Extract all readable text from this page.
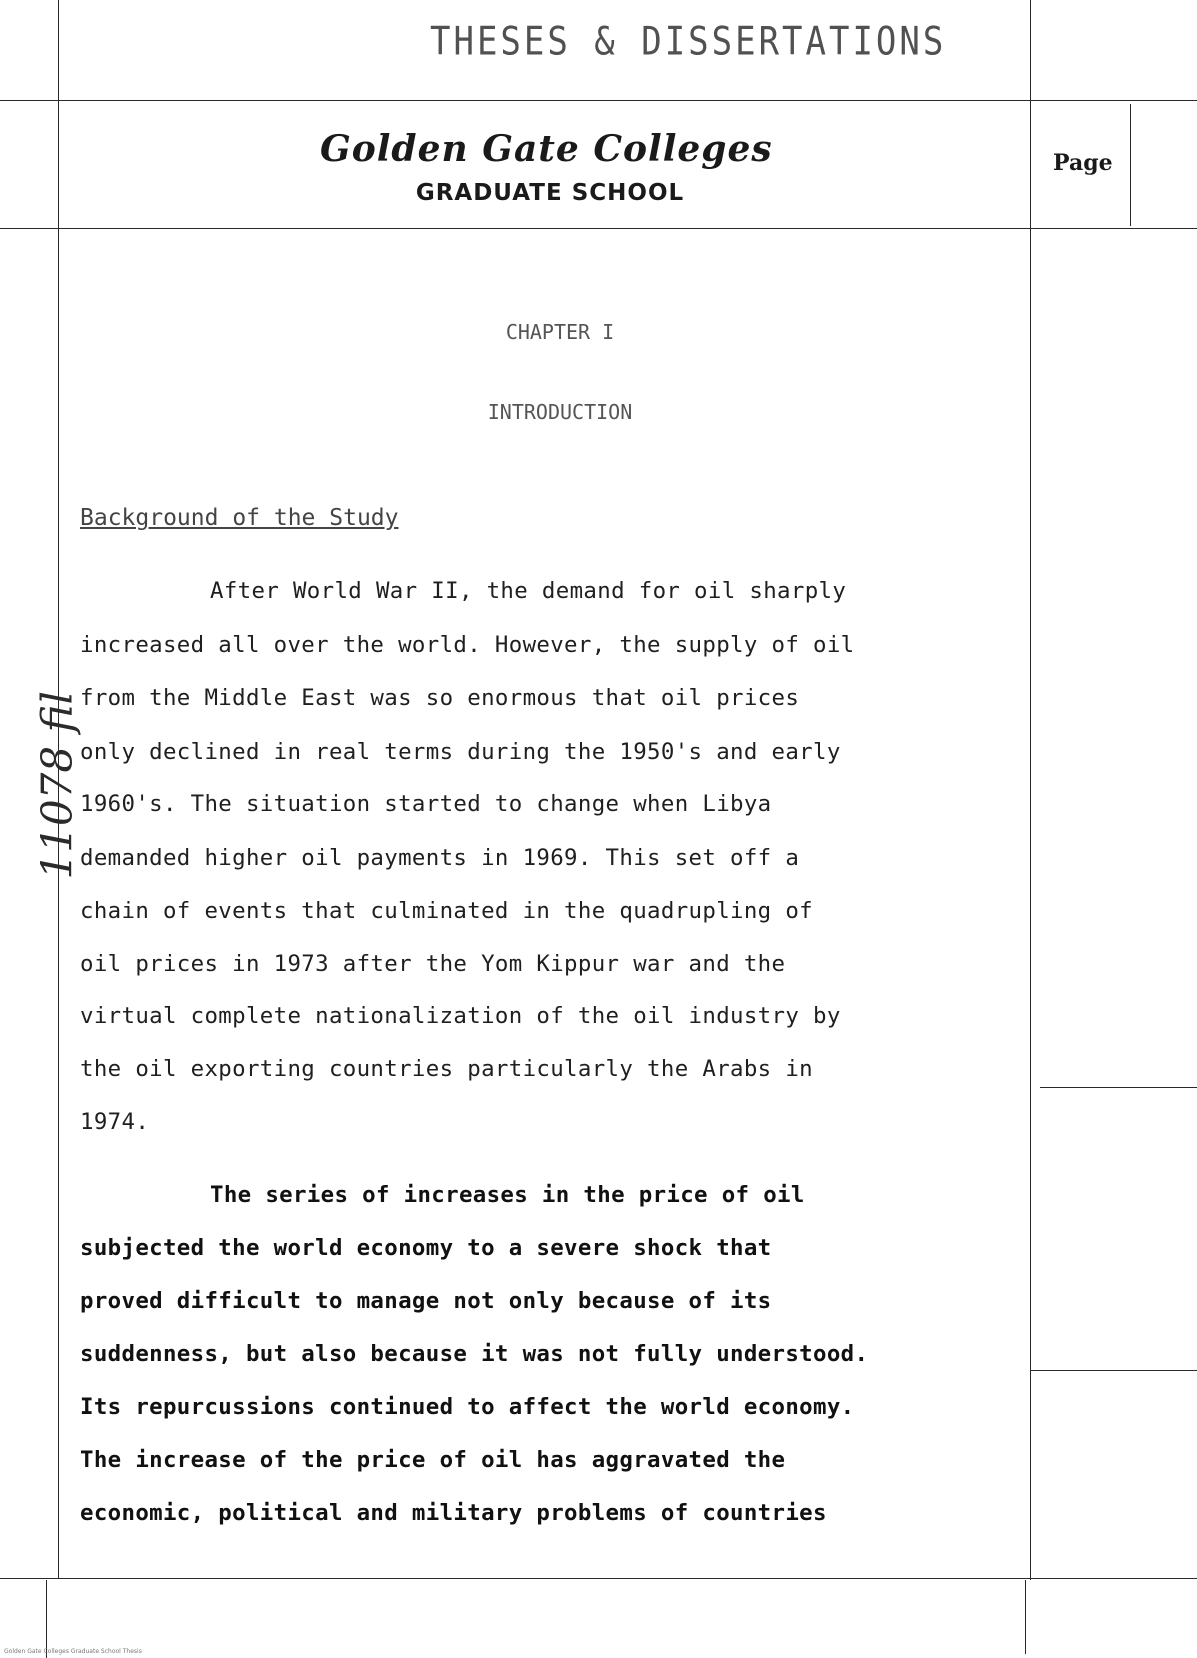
THESES & DISSERTATIONS
Golden Gate Colleges
GRADUATE SCHOOL
Page
CHAPTER I
INTRODUCTION
Background of the Study
After World War II, the demand for oil sharply
increased all over the world. However, the supply of oil
from the Middle East was so enormous that oil prices
only declined in real terms during the 1950's and early
1960's. The situation started to change when Libya
demanded higher oil payments in 1969. This set off a
chain of events that culminated in the quadrupling of
oil prices in 1973 after the Yom Kippur war and the
virtual complete nationalization of the oil industry by
the oil exporting countries particularly the Arabs in
1974.
The series of increases in the price of oil
subjected the world economy to a severe shock that
proved difficult to manage not only because of its
suddenness, but also because it was not fully understood.
Its repurcussions continued to affect the world economy.
The increase of the price of oil has aggravated the
economic, political and military problems of countries
11078 fil
Golden Gate Colleges Graduate School Thesis
